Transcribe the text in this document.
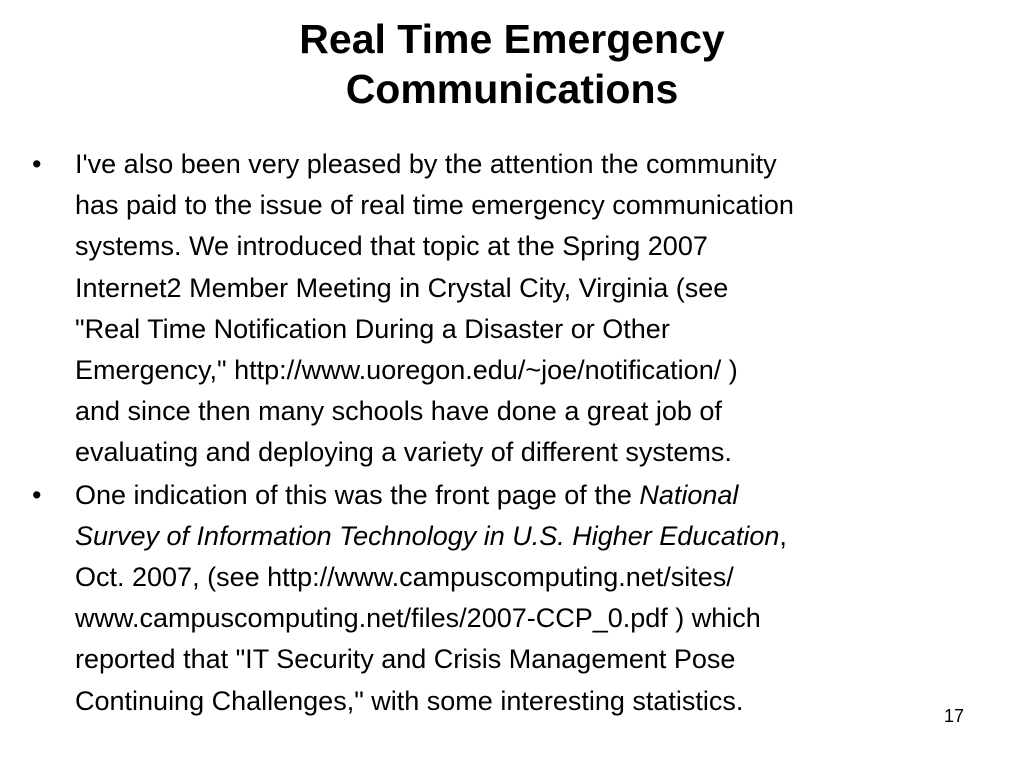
Real Time Emergency
Communications
•	I've also been very pleased by the attention the community
has paid to the issue of real time emergency communication
systems. We introduced that topic at the Spring 2007
Internet2 Member Meeting in Crystal City, Virginia (see
"Real Time Notification During a Disaster or Other
Emergency," http://www.uoregon.edu/~joe/notification/ )
and since then many schools have done a great job of
evaluating and deploying a variety of different systems.
•	One indication of this was the front page of the National
Survey of Information Technology in U.S. Higher Education,
Oct. 2007, (see http://www.campuscomputing.net/sites/
www.campuscomputing.net/files/2007-CCP_0.pdf ) which
reported that "IT Security and Crisis Management Pose
Continuing Challenges," with some interesting statistics.
17
